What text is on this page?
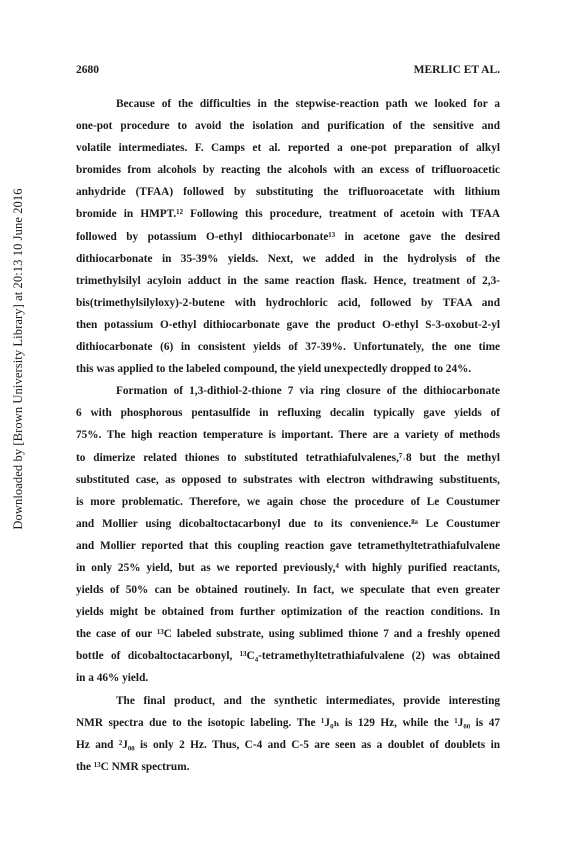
Downloaded by [Brown University Library] at 20:13 10 June 2016
2680	MERLIC ET AL.

Because of the difficulties in the stepwise-reaction path we looked for a

one-pot procedure to avoid the isolation and purification of the sensitive and

volatile intermediates. F. Camps et al. reported a one-pot preparation of alkyl

bromides from alcohols by reacting the alcohols with an excess of trifluoroacetic

anhydride (TFAA) followed by substituting the trifluoroacetate with lithium

bromide in HMPT.¹² Following this procedure, treatment of acetoin with TFAA

followed by potassium O-ethyl dithiocarbonate¹³ in acetone gave the desired

dithiocarbonate in 35-39% yields. Next, we added in the hydrolysis of the

trimethylsilyl acyloin adduct in the same reaction flask. Hence, treatment of 2,3-

bis(trimethylsilyloxy)-2-butene with hydrochloric acid, followed by TFAA and

then potassium O-ethyl dithiocarbonate gave the product O-ethyl S-3-oxobut-2-yl

dithiocarbonate (6) in consistent yields of 37-39%. Unfortunately, the one time

this was applied to the labeled compound, the yield unexpectedly dropped to 24%.

Formation of 1,3-dithiol-2-thione 7 via ring closure of the dithiocarbonate

6 with phosphorous pentasulfide in refluxing decalin typically gave yields of

75%. The high reaction temperature is important. There are a variety of methods

to dimerize related thiones to substituted tetrathiafulvalenes,⁷˒8 but the methyl

substituted case, as opposed to substrates with electron withdrawing substituents,

is more problematic. Therefore, we again chose the procedure of Le Coustumer

and Mollier using dicobaltoctacarbonyl due to its convenience.⁸ᵃ Le Coustumer

and Mollier reported that this coupling reaction gave tetramethyltetrathiafulvalene

in only 25% yield, but as we reported previously,⁴ with highly purified reactants,

yields of 50% can be obtained routinely. In fact, we speculate that even greater

yields might be obtained from further optimization of the reaction conditions. In

the case of our ¹³C labeled substrate, using sublimed thione 7 and a freshly opened

bottle of dicobaltoctacarbonyl, ¹³C₄-tetramethyltetrathiafulvalene (2) was obtained

in a 46% yield.

The final product, and the synthetic intermediates, provide interesting

NMR spectra due to the isotopic labeling. The ¹J₀ₕ is 129 Hz, while the ¹J₀₀ is 47

Hz and ²J₀₀ is only 2 Hz. Thus, C-4 and C-5 are seen as a doublet of doublets in

the ¹³C NMR spectrum.
